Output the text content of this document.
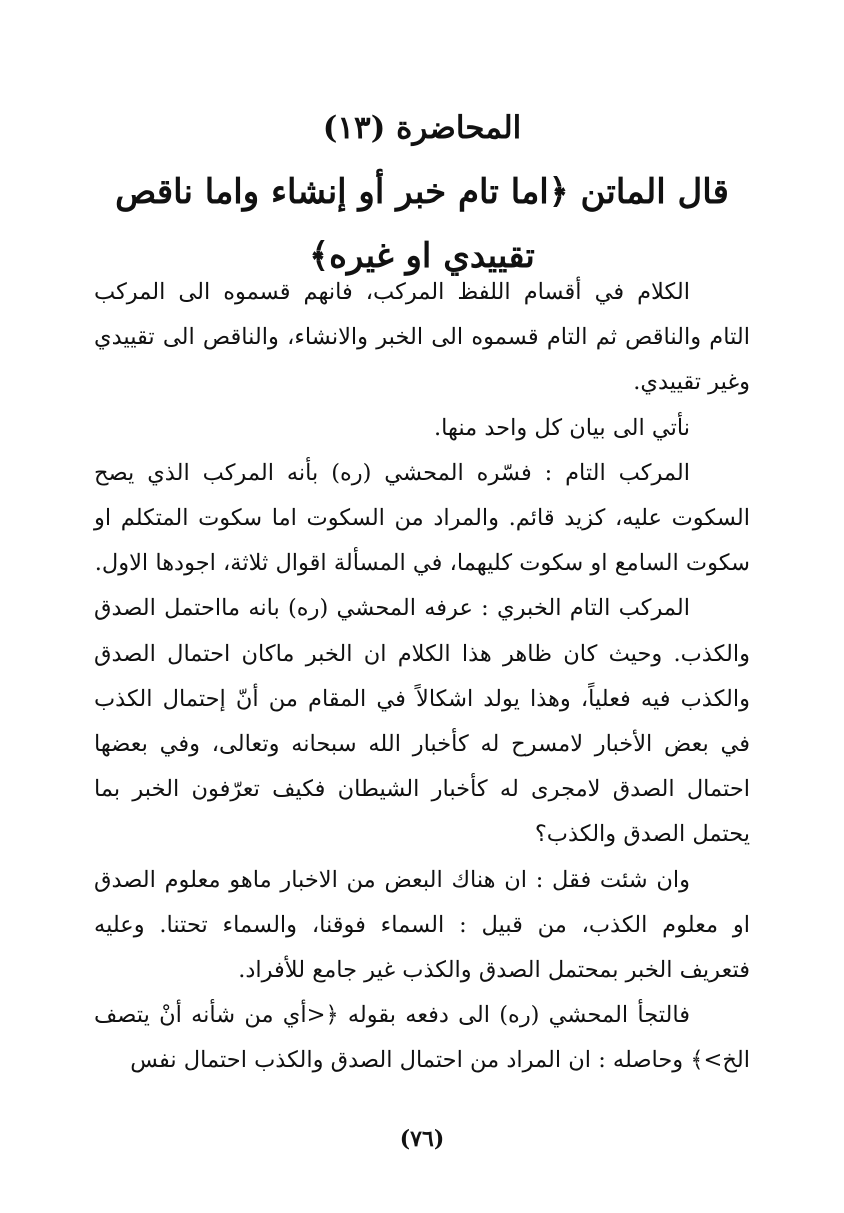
المحاضرة (١٣)
قال الماتن ﴿اما تام خبر أو إنشاء واما ناقص تقييدي او غيره﴾

الكلام في أقسام اللفظ المركب، فانهم قسموه الى المركب التام والناقص ثم التام قسموه الى الخبر والانشاء، والناقص الى تقييدي وغير تقييدي.

نأتي الى بيان كل واحد منها.

المركب التام : فسّره المحشي (ره) بأنه المركب الذي يصح السكوت عليه، كزيد قائم. والمراد من السكوت اما سكوت المتكلم او سكوت السامع او سكوت كليهما، في المسألة اقوال ثلاثة، اجودها الاول.

المركب التام الخبري : عرفه المحشي (ره) بانه مااحتمل الصدق والكذب. وحيث كان ظاهر هذا الكلام ان الخبر ماكان احتمال الصدق والكذب فيه فعلياً، وهذا يولد اشكالاً في المقام من أنّ إحتمال الكذب في بعض الأخبار لامسرح له كأخبار الله سبحانه وتعالى، وفي بعضها احتمال الصدق لامجرى له كأخبار الشيطان فكيف تعرّفون الخبر بما يحتمل الصدق والكذب؟

وان شئت فقل : ان هناك البعض من الاخبار ماهو معلوم الصدق او معلوم الكذب، من قبيل : السماء فوقنا، والسماء تحتنا. وعليه فتعريف الخبر بمحتمل الصدق والكذب غير جامع للأفراد.

فالتجأ المحشي (ره) الى دفعه بقوله ﴿<أي من شأنه أنْ يتصف الخ>﴾ وحاصله : ان المراد من احتمال الصدق والكذب احتمال نفس

(٧٦)
